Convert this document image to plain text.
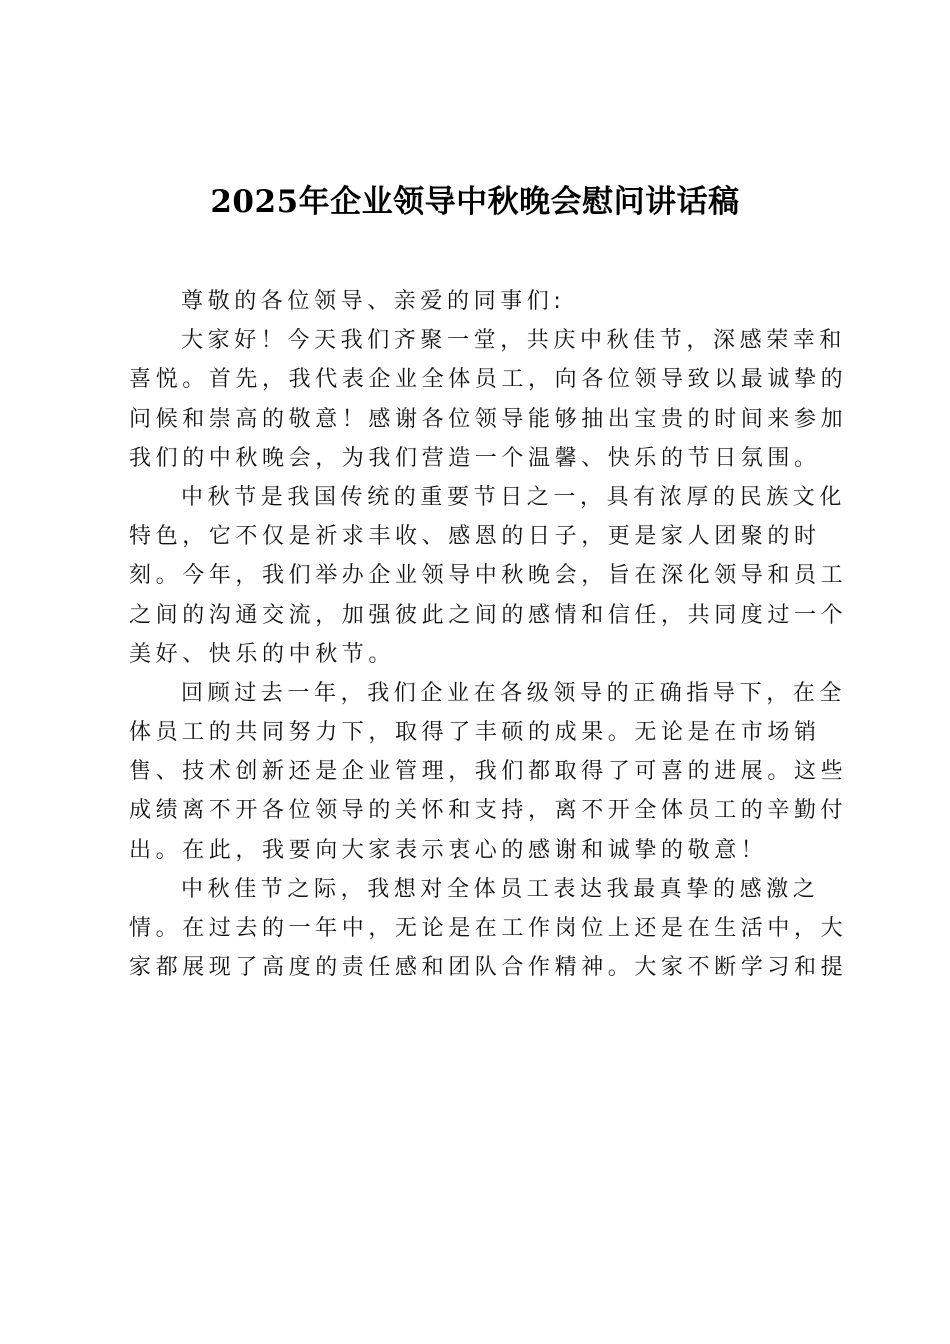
2025年企业领导中秋晚会慰问讲话稿
尊敬的各位领导、亲爱的同事们:
大家好！今天我们齐聚一堂，共庆中秋佳节，深感荣幸和
喜悦。首先，我代表企业全体员工，向各位领导致以最诚挚的
问候和崇高的敬意！感谢各位领导能够抽出宝贵的时间来参加
我们的中秋晚会，为我们营造一个温馨、快乐的节日氛围。
中秋节是我国传统的重要节日之一，具有浓厚的民族文化
特色，它不仅是祈求丰收、感恩的日子，更是家人团聚的时
刻。今年，我们举办企业领导中秋晚会，旨在深化领导和员工
之间的沟通交流，加强彼此之间的感情和信任，共同度过一个
美好、快乐的中秋节。
回顾过去一年，我们企业在各级领导的正确指导下，在全
体员工的共同努力下，取得了丰硕的成果。无论是在市场销
售、技术创新还是企业管理，我们都取得了可喜的进展。这些
成绩离不开各位领导的关怀和支持，离不开全体员工的辛勤付
出。在此，我要向大家表示衷心的感谢和诚挚的敬意！
中秋佳节之际，我想对全体员工表达我最真挚的感激之
情。在过去的一年中，无论是在工作岗位上还是在生活中，大
家都展现了高度的责任感和团队合作精神。大家不断学习和提
